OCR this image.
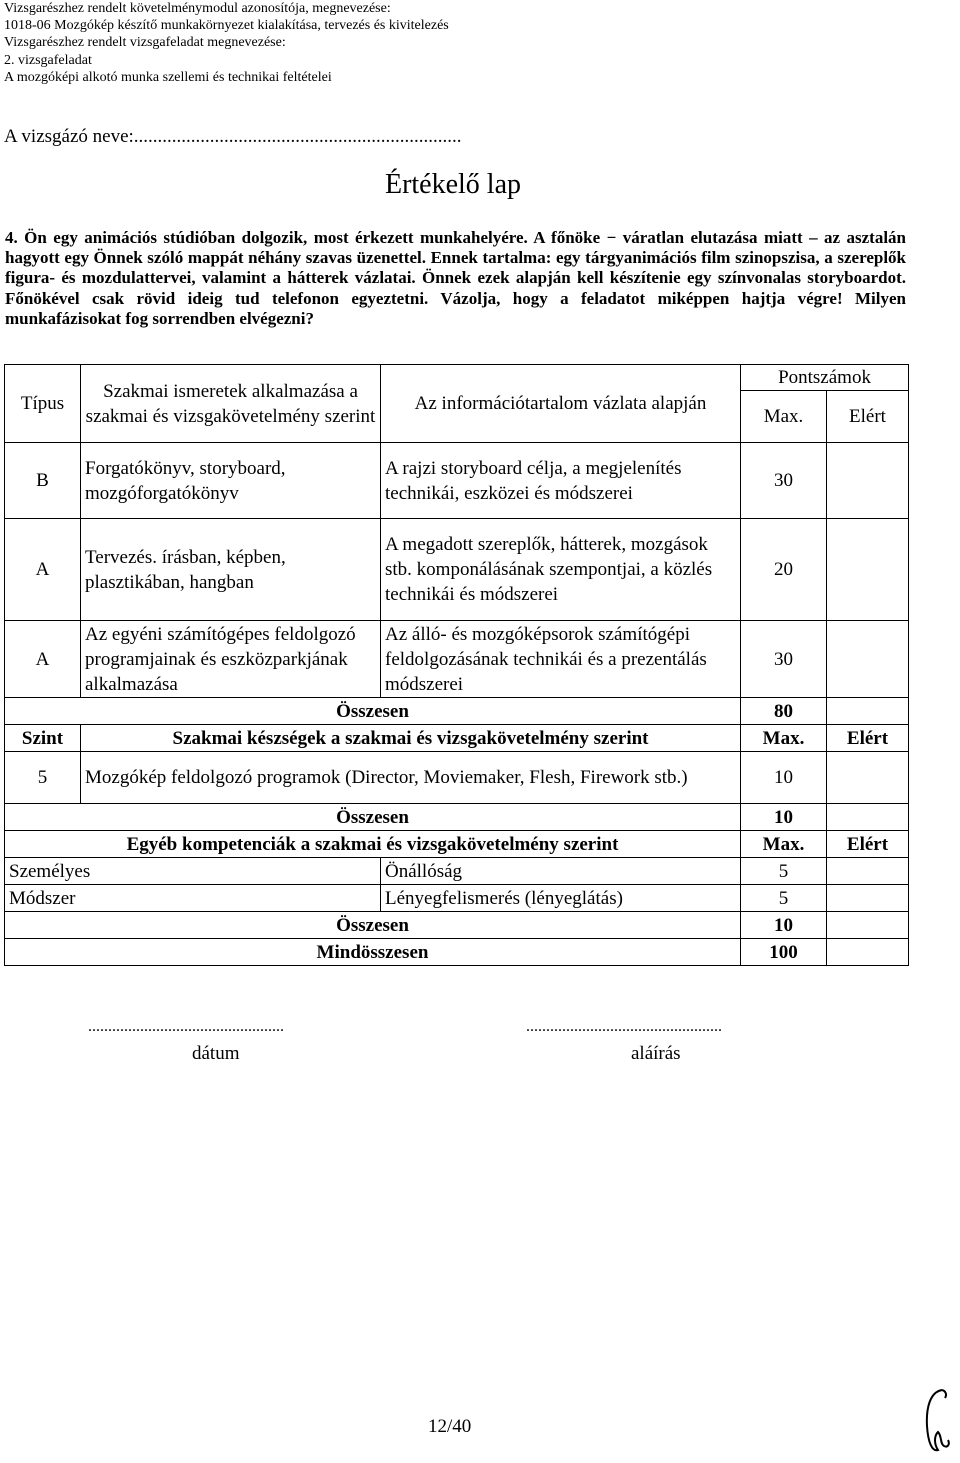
Vizsgarészhez rendelt követelménymodul azonosítója, megnevezése:
1018-06 Mozgókép készítő munkakörnyezet kialakítása, tervezés és kivitelezés
Vizsgarészhez rendelt vizsgafeladat megnevezése:
2. vizsgafeladat
A mozgóképi alkotó munka szellemi és technikai feltételei
A vizsgázó neve:.....................................................................
Értékelő lap
4. Ön egy animációs stúdióban dolgozik, most érkezett munkahelyére. A főnöke − váratlan elutazása miatt – az asztalán hagyott egy Önnek szóló mappát néhány szavas üzenettel. Ennek tartalma: egy tárgyanimációs film szinopszisa, a szereplők figura- és mozdulattervei, valamint a hátterek vázlatai. Önnek ezek alapján kell készítenie egy színvonalas storyboardot. Főnökével csak rövid ideig tud telefonon egyeztetni. Vázolja, hogy a feladatot miképpen hajtja végre! Milyen munkafázisokat fog sorrendben elvégezni?
Típus	Szakmai ismeretek alkalmazása a szakmai és vizsgakövetelmény szerint	Az információtartalom vázlata alapján	Pontszámok	
			Max.	Elért
B	Forgatókönyv, storyboard, mozgóforgatókönyv	A rajzi storyboard célja, a megjelenítés technikái, eszközei és módszerei	30	
A	Tervezés. írásban, képben, plasztikában, hangban	A megadott szereplők, hátterek, mozgások stb. komponálásának szempontjai, a közlés technikái és módszerei	20	
A	Az egyéni számítógépes feldolgozó programjainak és eszközparkjának alkalmazása	Az álló- és mozgóképsorok számítógépi feldolgozásának technikái és a prezentálás módszerei	30	
Összesen			80	
Szint	Szakmai készségek a szakmai és vizsgakövetelmény szerint		Max.	Elért
5	Mozgókép feldolgozó programok (Director, Moviemaker, Flesh, Firework stb.)		10	
Összesen			10	
Egyéb kompetenciák a szakmai és vizsgakövetelmény szerint			Max.	Elért
Személyes		Önállóság	5	
Módszer		Lényegfelismerés (lényeglátás)	5	
Összesen			10	
Mindösszesen			100	
.................................................
dátum
.................................................
aláírás
12/40
